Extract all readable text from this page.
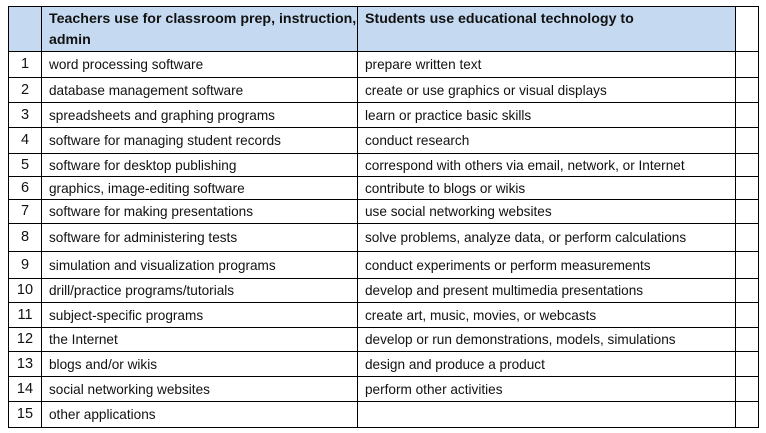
	Teachers use for classroom prep, instruction, admin	Students use educational technology to	
1	word processing software	prepare written text	
2	database management software	create or use graphics or visual displays	
3	spreadsheets and graphing programs	learn or practice basic skills	
4	software for managing student records	conduct research	
5	software for desktop publishing	correspond with others via email, network, or Internet	
6	graphics, image-editing software	contribute to blogs or wikis	
7	software for making presentations	use social networking websites	
8	software for administering tests	solve problems, analyze data, or perform calculations	
9	simulation and visualization programs	conduct experiments or perform measurements	
10	drill/practice programs/tutorials	develop and present multimedia presentations	
11	subject-specific programs	create art, music, movies, or webcasts	
12	the Internet	develop or run demonstrations, models, simulations	
13	blogs and/or wikis	design and produce a product	
14	social networking websites	perform other activities	
15	other applications		
